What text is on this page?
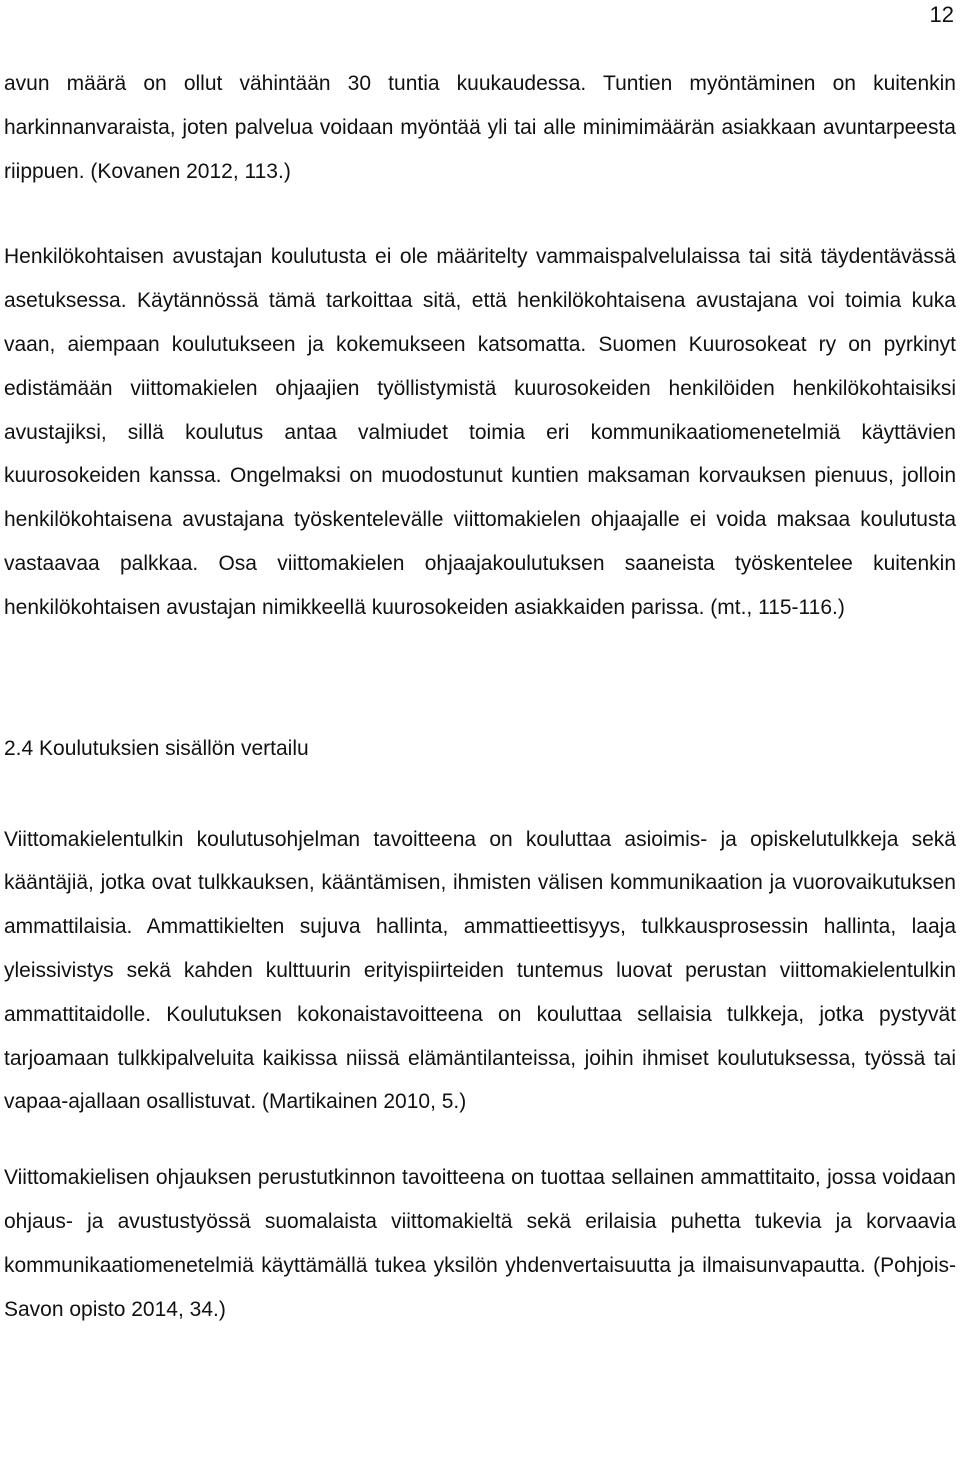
12

avun määrä on ollut vähintään 30 tuntia kuukaudessa. Tuntien myöntäminen on kuitenkin harkinnanvaraista, joten palvelua voidaan myöntää yli tai alle minimimäärän asiakkaan avuntarpeesta riippuen. (Kovanen 2012, 113.)

Henkilökohtaisen avustajan koulutusta ei ole määritelty vammaispalvelulaissa tai sitä täydentävässä asetuksessa. Käytännössä tämä tarkoittaa sitä, että henkilökohtaisena avustajana voi toimia kuka vaan, aiempaan koulutukseen ja kokemukseen katsomatta. Suomen Kuurosokeat ry on pyrkinyt edistämään viittomakielen ohjaajien työllistymistä kuurosokeiden henkilöiden henkilökohtaisiksi avustajiksi, sillä koulutus antaa valmiudet toimia eri kommunikaatiomenetelmiä käyttävien kuurosokeiden kanssa. Ongelmaksi on muodostunut kuntien maksaman korvauksen pienuus, jolloin henkilökohtaisena avustajana työskentelevälle viittomakielen ohjaajalle ei voida maksaa koulutusta vastaavaa palkkaa. Osa viittomakielen ohjaajakoulutuksen saaneista työskentelee kuitenkin henkilökohtaisen avustajan nimikkeellä kuurosokeiden asiakkaiden parissa. (mt., 115-116.)

2.4 Koulutuksien sisällön vertailu

Viittomakielentulkin koulutusohjelman tavoitteena on kouluttaa asioimis- ja opiskelutulkkeja sekä kääntäjiä, jotka ovat tulkkauksen, kääntämisen, ihmisten välisen kommunikaation ja vuorovaikutuksen ammattilaisia. Ammattikielten sujuva hallinta, ammattieettisyys, tulkkausprosessin hallinta, laaja yleissivistys sekä kahden kulttuurin erityispiirteiden tuntemus luovat perustan viittomakielentulkin ammattitaidolle. Koulutuksen kokonaistavoitteena on kouluttaa sellaisia tulkkeja, jotka pystyvät tarjoamaan tulkkipalveluita kaikissa niissä elämäntilanteissa, joihin ihmiset koulutuksessa, työssä tai vapaa-ajallaan osallistuvat. (Martikainen 2010, 5.)

Viittomakielisen ohjauksen perustutkinnon tavoitteena on tuottaa sellainen ammattitaito, jossa voidaan ohjaus- ja avustustyössä suomalaista viittomakieltä sekä erilaisia puhetta tukevia ja korvaavia kommunikaatiomenetelmiä käyttämällä tukea yksilön yhdenvertaisuutta ja ilmaisunvapautta. (Pohjois-Savon opisto 2014, 34.)
